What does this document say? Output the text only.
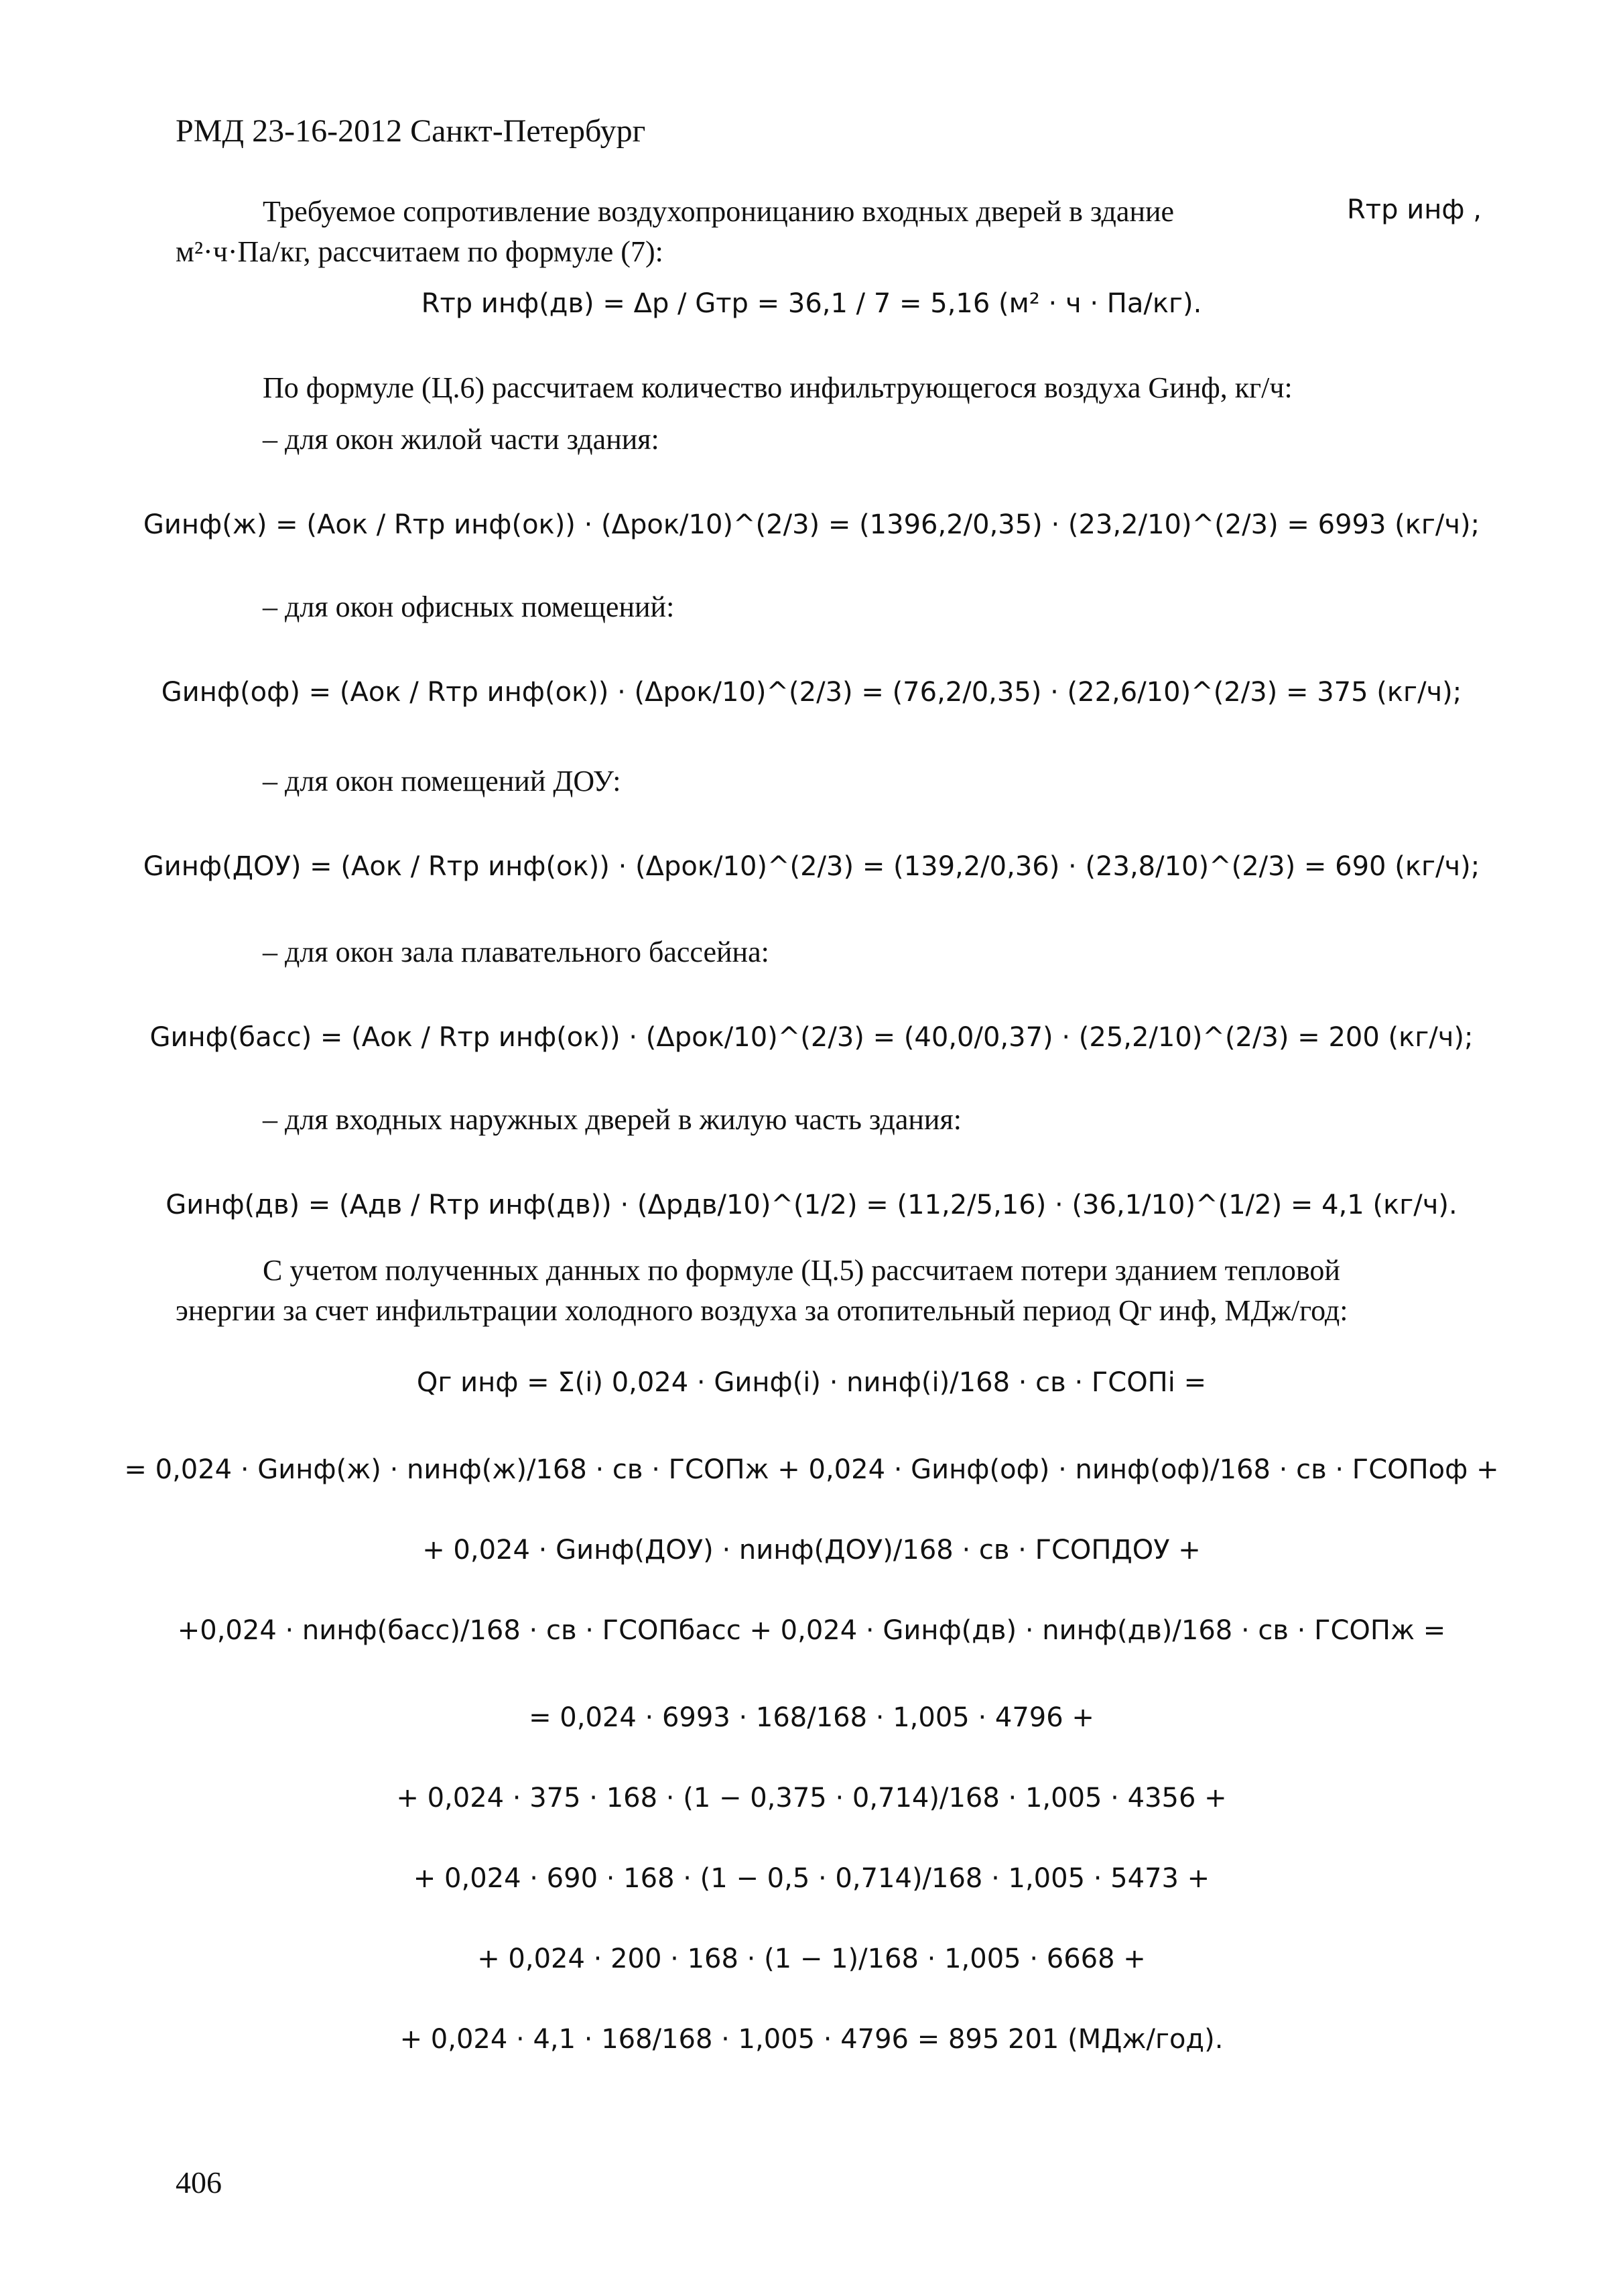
РМД 23-16-2012 Санкт-Петербург
Требуемое сопротивление воздухопроницанию входных дверей в здание	Rтр инф ,
м²·ч·Па/кг, рассчитаем по формуле (7):
Rтр инф(дв) = Δp / Gтр = 36,1 / 7 = 5,16 (м² · ч · Па/кг).
По формуле (Ц.6) рассчитаем количество инфильтрующегося воздуха Gинф, кг/ч:
– для окон жилой части здания:
Gинф(ж) = (Aок / Rтр инф(ок)) · (Δpок/10)^(2/3) = (1396,2/0,35) · (23,2/10)^(2/3) = 6993 (кг/ч);
– для окон офисных помещений:
Gинф(оф) = (Aок / Rтр инф(ок)) · (Δpок/10)^(2/3) = (76,2/0,35) · (22,6/10)^(2/3) = 375 (кг/ч);
– для окон помещений ДОУ:
Gинф(ДОУ) = (Aок / Rтр инф(ок)) · (Δpок/10)^(2/3) = (139,2/0,36) · (23,8/10)^(2/3) = 690 (кг/ч);
– для окон зала плавательного бассейна:
Gинф(басс) = (Aок / Rтр инф(ок)) · (Δpок/10)^(2/3) = (40,0/0,37) · (25,2/10)^(2/3) = 200 (кг/ч);
– для входных наружных дверей в жилую часть здания:
Gинф(дв) = (Aдв / Rтр инф(дв)) · (Δpдв/10)^(1/2) = (11,2/5,16) · (36,1/10)^(1/2) = 4,1 (кг/ч).
С учетом полученных данных по формуле (Ц.5) рассчитаем потери зданием тепловой
энергии за счет инфильтрации холодного воздуха за отопительный период Qг инф, МДж/год:
Qг инф = Σ(i) 0,024 · Gинф(i) · nинф(i)/168 · cв · ГСОПi =
= 0,024 · Gинф(ж) · nинф(ж)/168 · cв · ГСОПж + 0,024 · Gинф(оф) · nинф(оф)/168 · cв · ГСОПоф +
+ 0,024 · Gинф(ДОУ) · nинф(ДОУ)/168 · cв · ГСОПДОУ +
+0,024 · nинф(басс)/168 · cв · ГСОПбасс + 0,024 · Gинф(дв) · nинф(дв)/168 · cв · ГСОПж =
= 0,024 · 6993 · 168/168 · 1,005 · 4796 +
+ 0,024 · 375 · 168 · (1 − 0,375 · 0,714)/168 · 1,005 · 4356 +
+ 0,024 · 690 · 168 · (1 − 0,5 · 0,714)/168 · 1,005 · 5473 +
+ 0,024 · 200 · 168 · (1 − 1)/168 · 1,005 · 6668 +
+ 0,024 · 4,1 · 168/168 · 1,005 · 4796 = 895 201 (МДж/год).
406
